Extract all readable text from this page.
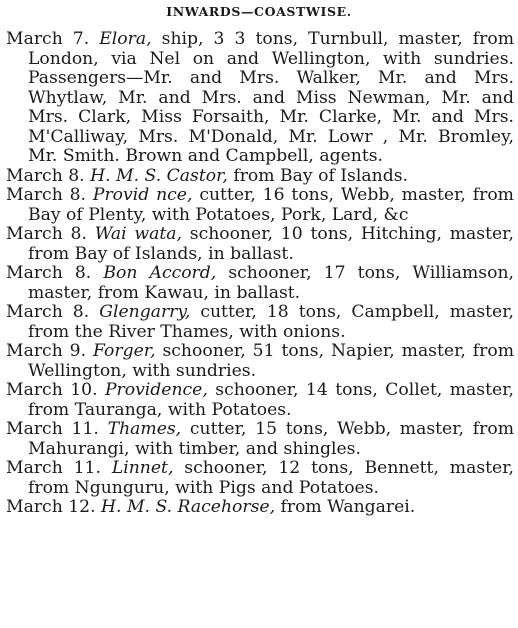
INWARDS—COASTWISE.

March 7. Elora, ship, 3 3 tons, Turnbull, master, from London, via Nel on and Wellington, with sundries. Passengers—Mr. and Mrs. Walker, Mr. and Mrs. Whytlaw, Mr. and Mrs. and Miss Newman, Mr. and Mrs. Clark, Miss Forsaith, Mr. Clarke, Mr. and Mrs. M'Calliway, Mrs. M'Donald, Mr. Lowr , Mr. Bromley, Mr. Smith. Brown and Campbell, agents.

March 8. H. M. S. Castor, from Bay of Islands.

March 8. Provid nce, cutter, 16 tons, Webb, master, from Bay of Plenty, with Potatoes, Pork, Lard, &c

March 8. Wai wata, schooner, 10 tons, Hitching, master, from Bay of Islands, in ballast.

March 8. Bon Accord, schooner, 17 tons, Williamson, master, from Kawau, in ballast.

March 8. Glengarry, cutter, 18 tons, Campbell, master, from the River Thames, with onions.

March 9. Forger, schooner, 51 tons, Napier, master, from Wellington, with sundries.

March 10. Providence, schooner, 14 tons, Collet, master, from Tauranga, with Potatoes.

March 11. Thames, cutter, 15 tons, Webb, master, from Mahurangi, with timber, and shingles.

March 11. Linnet, schooner, 12 tons, Bennett, master, from Ngunguru, with Pigs and Potatoes.

March 12. H. M. S. Racehorse, from Wangarei.
